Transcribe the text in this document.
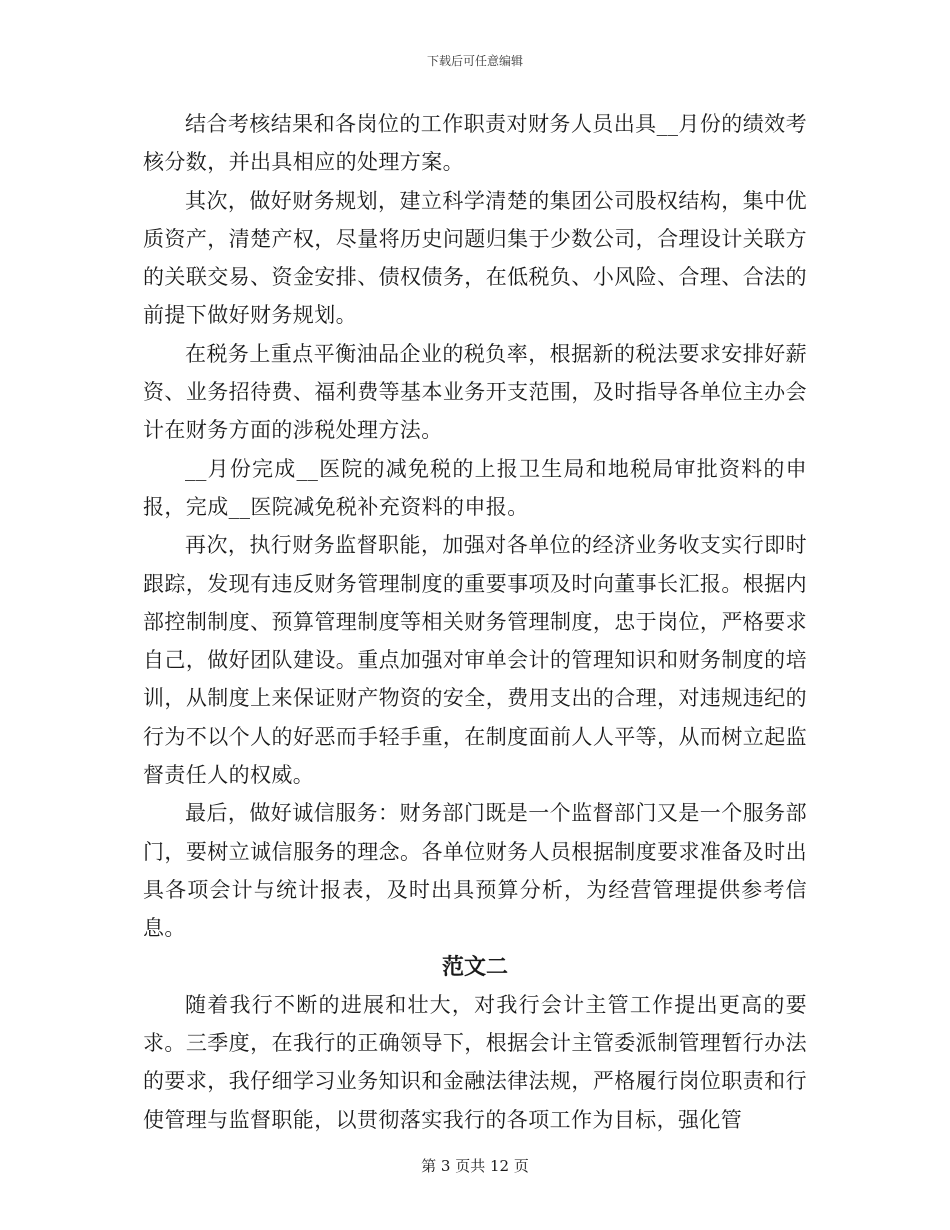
下载后可任意编辑

结合考核结果和各岗位的工作职责对财务人员出具__月份的绩效考核分数，并出具相应的处理方案。

其次，做好财务规划，建立科学清楚的集团公司股权结构，集中优质资产，清楚产权，尽量将历史问题归集于少数公司，合理设计关联方的关联交易、资金安排、债权债务，在低税负、小风险、合理、合法的前提下做好财务规划。

在税务上重点平衡油品企业的税负率，根据新的税法要求安排好薪资、业务招待费、福利费等基本业务开支范围，及时指导各单位主办会计在财务方面的涉税处理方法。

__月份完成__医院的减免税的上报卫生局和地税局审批资料的申报，完成__医院减免税补充资料的申报。

再次，执行财务监督职能，加强对各单位的经济业务收支实行即时跟踪，发现有违反财务管理制度的重要事项及时向董事长汇报。根据内部控制制度、预算管理制度等相关财务管理制度，忠于岗位，严格要求自己，做好团队建设。重点加强对审单会计的管理知识和财务制度的培训，从制度上来保证财产物资的安全，费用支出的合理，对违规违纪的行为不以个人的好恶而手轻手重，在制度面前人人平等，从而树立起监督责任人的权威。

最后，做好诚信服务：财务部门既是一个监督部门又是一个服务部门，要树立诚信服务的理念。各单位财务人员根据制度要求准备及时出具各项会计与统计报表，及时出具预算分析，为经营管理提供参考信息。

范文二

随着我行不断的进展和壮大，对我行会计主管工作提出更高的要求。三季度，在我行的正确领导下，根据会计主管委派制管理暂行办法的要求，我仔细学习业务知识和金融法律法规，严格履行岗位职责和行使管理与监督职能，以贯彻落实我行的各项工作为目标，强化管

第 3 页共 12 页
